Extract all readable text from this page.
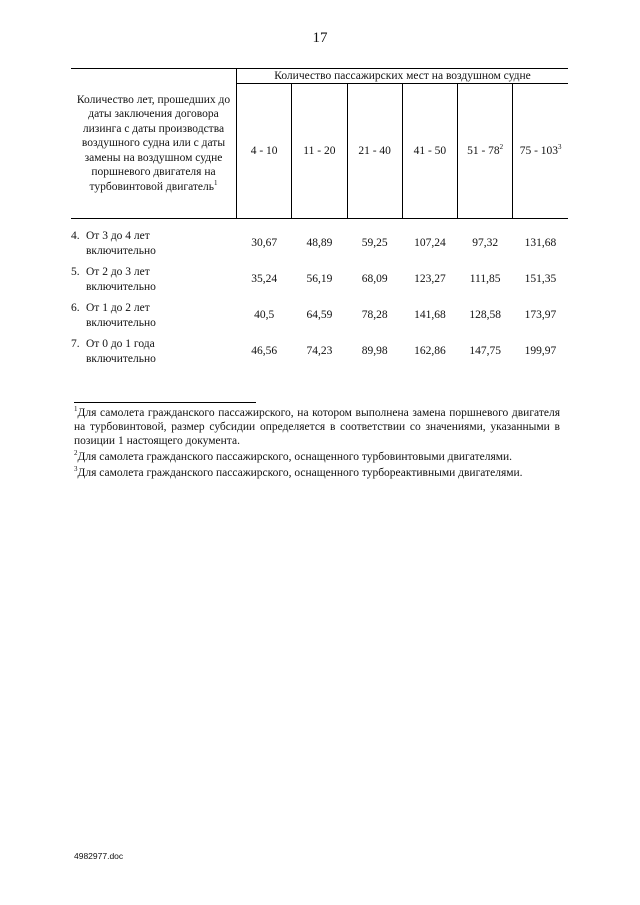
17
Количество лет, прошедших до даты заключения договора лизинга с даты производства воздушного судна или с даты замены на воздушном судне поршневого двигателя на турбовинтовой двигатель$^1$	Количество пассажирских мест на воздушном судне					
	4 - 10	11 - 20	21 - 40	41 - 50	$51 - 78^2$	$75 - 103^3$

4. От 3 до 4 лет
включительно	30,67	48,89	59,25	107,24	97,32	131,68
5. От 2 до 3 лет
включительно	35,24	56,19	68,09	123,27	111,85	151,35
6. От 1 до 2 лет
включительно	40,5	64,59	78,28	141,68	128,58	173,97
7. От 0 до 1 года
включительно	46,56	74,23	89,98	162,86	147,75	199,97

$^1$Для самолета гражданского пассажирского, на котором выполнена замена поршневого двигателя на турбовинтовой, размер субсидии определяется в соответствии со значениями, указанными в позиции 1 настоящего документа.

$^2$Для самолета гражданского пассажирского, оснащенного турбовинтовыми двигателями.

$^3$Для самолета гражданского пассажирского, оснащенного турбореактивными двигателями.

4982977.doc
